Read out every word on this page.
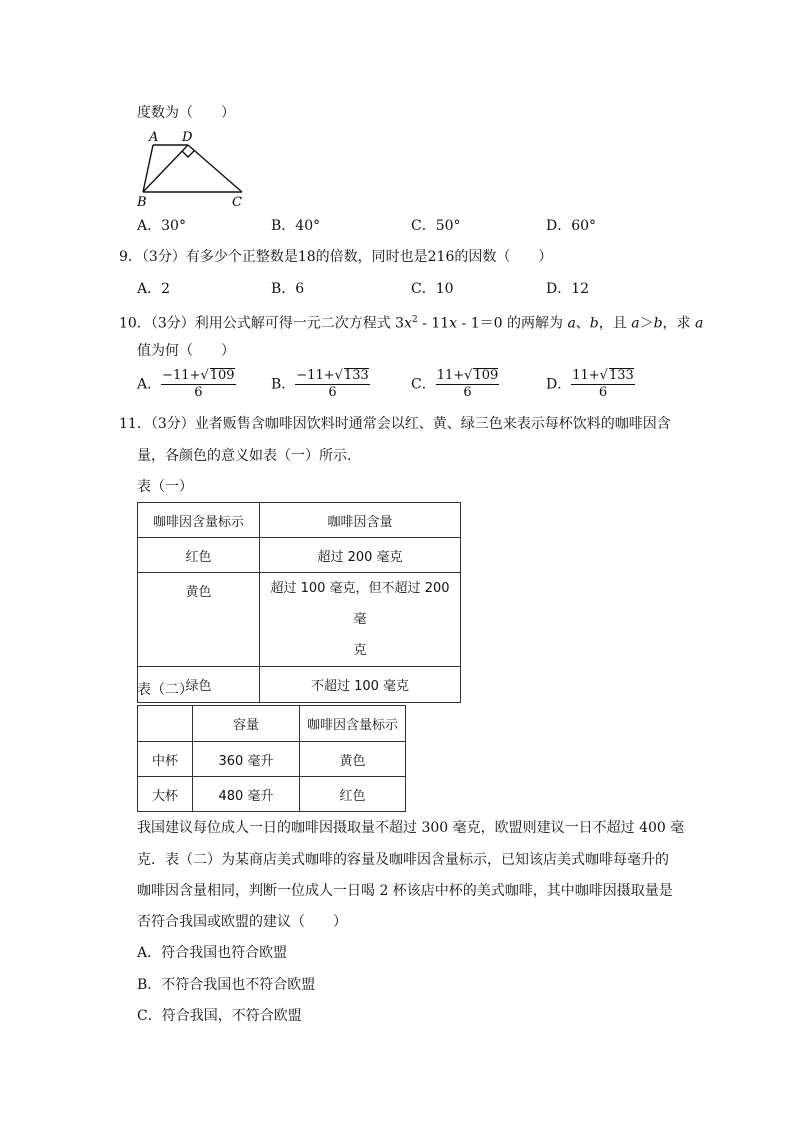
度数为（　　）
A D
B	C
A．30°	B．40°	C．50°	D．60°
9．（3分）有多少个正整数是18的倍数，同时也是216的因数（　　）
A．2	B．6	C．10	D．12
10．（3分）利用公式解可得一元二次方程式 $3x^2 - 11x - 1=0$ 的两解为 a、b，且 a＞b，求 a
值为何（　　）
A． $\frac{-11+√109}{6}$	B． $\frac{-11+√133}{6}$	C． $\frac{11+√109}{6}$	D． $\frac{11+√133}{6}$
11．（3分）业者贩售含咖啡因饮料时通常会以红、黄、绿三色来表示每杯饮料的咖啡因含
量，各颜色的意义如表（一）所示．
表（一）
咖啡因含量标示	咖啡因含量
红色	超过 200 毫克
黄色	超过 100 毫克，但不超过 200 毫
克

绿色	不超过 100 毫克
表（二）
	容量	咖啡因含量标示
中杯	360 毫升	黄色
大杯	480 毫升	红色
我国建议每位成人一日的咖啡因摄取量不超过 300 毫克，欧盟则建议一日不超过 400 毫
克．表（二）为某商店美式咖啡的容量及咖啡因含量标示，已知该店美式咖啡每毫升的
咖啡因含量相同，判断一位成人一日喝 2 杯该店中杯的美式咖啡，其中咖啡因摄取量是
否符合我国或欧盟的建议（　　）
A．符合我国也符合欧盟
B．不符合我国也不符合欧盟
C．符合我国，不符合欧盟
